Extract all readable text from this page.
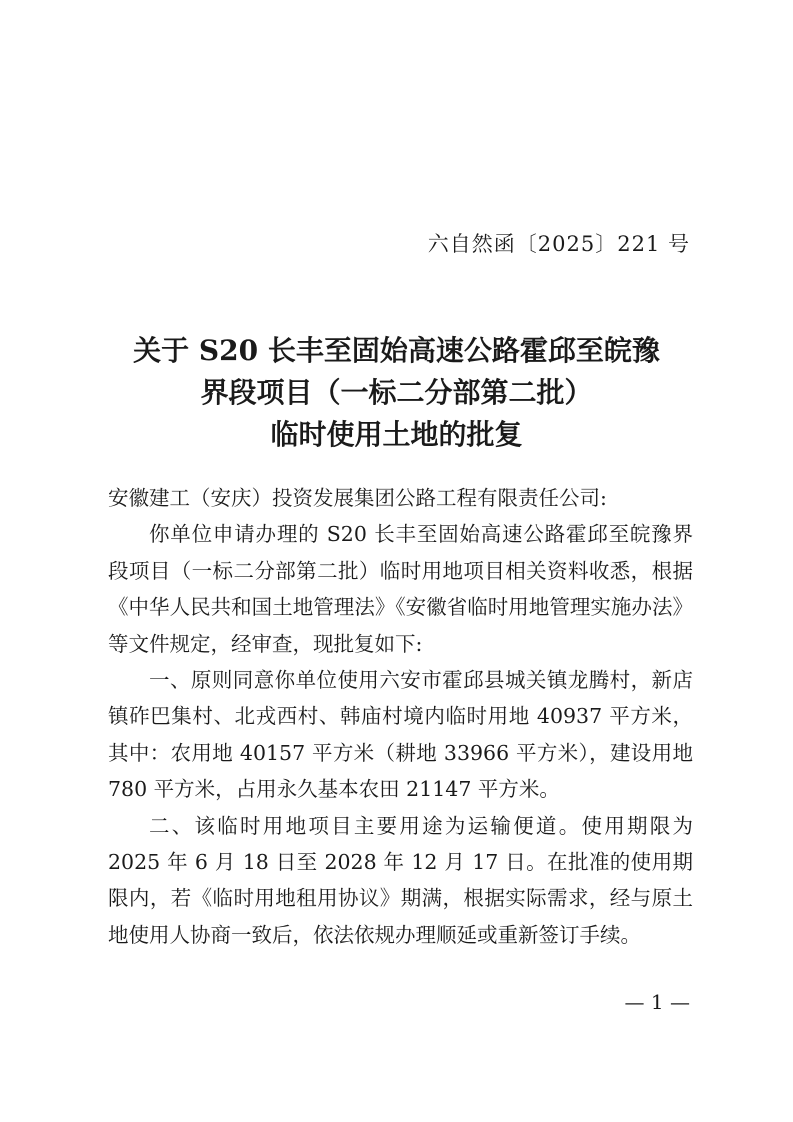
六自然函〔2025〕221 号
关于 S20 长丰至固始高速公路霍邱至皖豫
界段项目（一标二分部第二批）
临时使用土地的批复

安徽建工（安庆）投资发展集团公路工程有限责任公司:

你单位申请办理的 S20 长丰至固始高速公路霍邱至皖豫界段项目（一标二分部第二批）临时用地项目相关资料收悉，根据《中华人民共和国土地管理法》《安徽省临时用地管理实施办法》等文件规定，经审查，现批复如下:

一、原则同意你单位使用六安市霍邱县城关镇龙腾村，新店镇砟巴集村、北戎西村、韩庙村境内临时用地 40937 平方米，其中：农用地 40157 平方米（耕地 33966 平方米），建设用地 780 平方米，占用永久基本农田 21147 平方米。

二、该临时用地项目主要用途为运输便道。使用期限为 2025 年 6 月 18 日至 2028 年 12 月 17 日。在批准的使用期限内，若《临时用地租用协议》期满，根据实际需求，经与原土地使用人协商一致后，依法依规办理顺延或重新签订手续。

— 1 —
